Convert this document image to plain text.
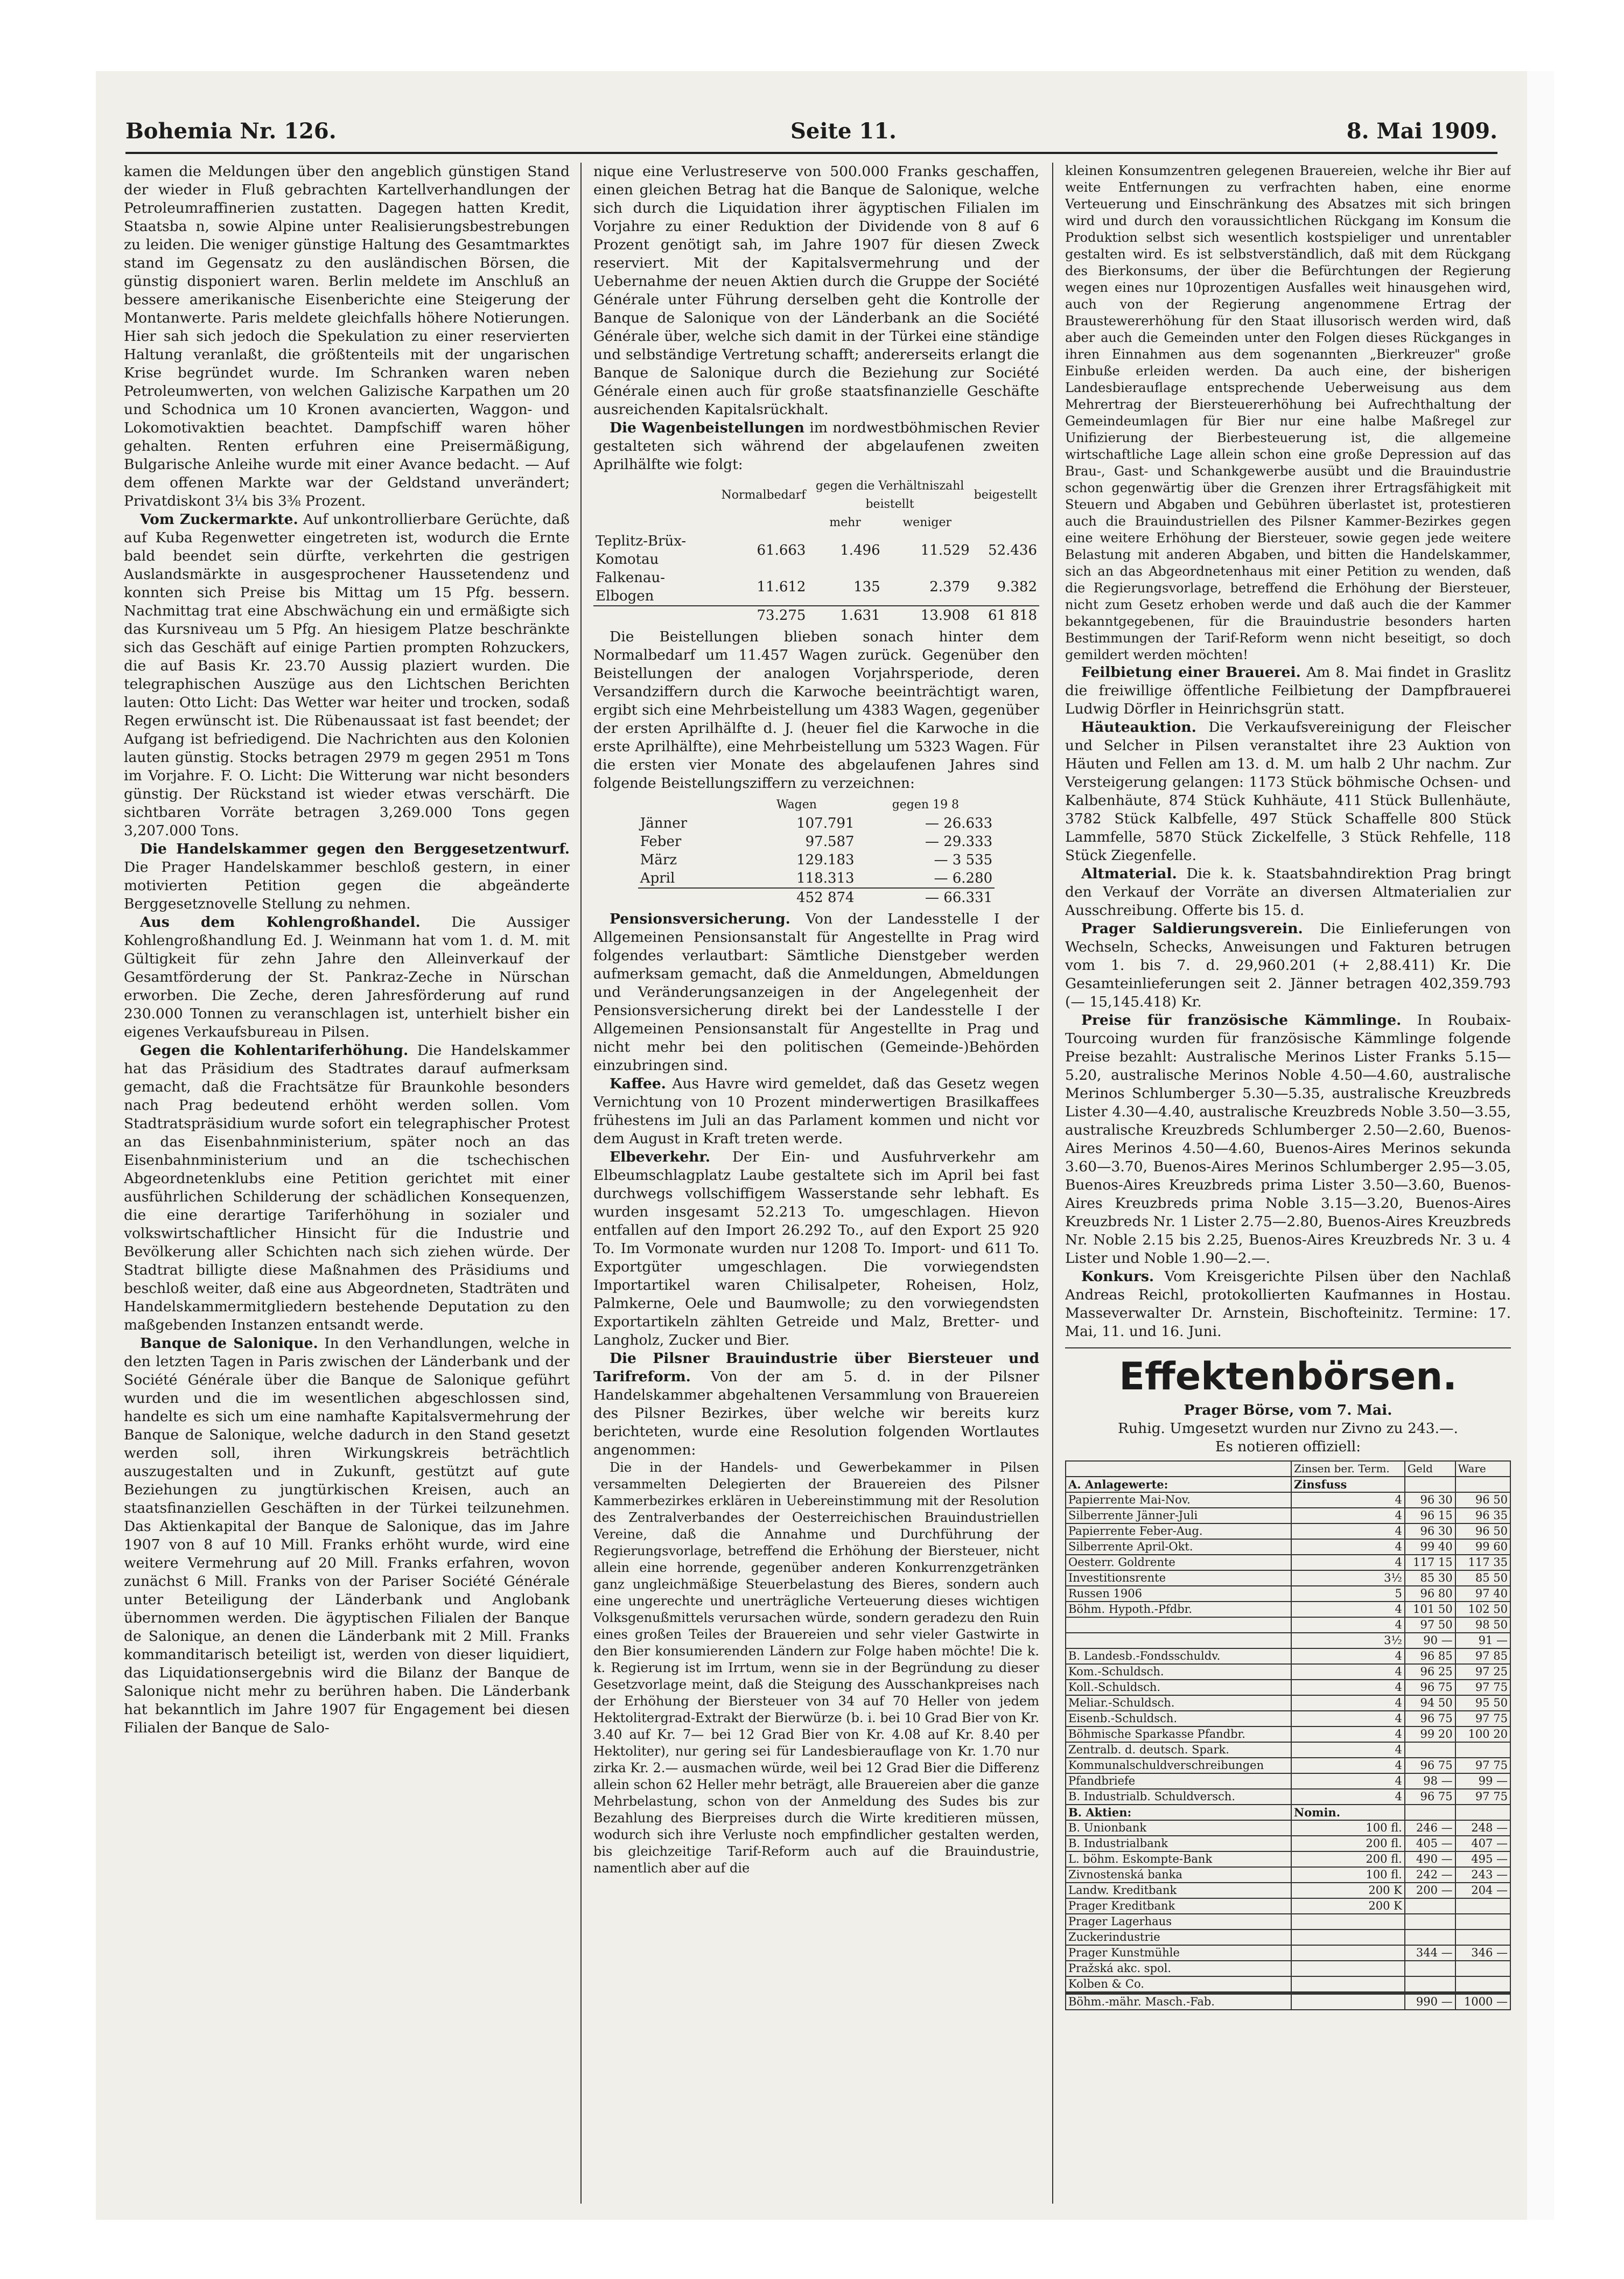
Bohemia Nr. 126.	Seite 11.	8. Mai 1909.

kamen die Meldungen über den angeblich günstigen Stand der wieder in Fluß gebrachten Kartellverhandlungen der Petroleumraffinerien zustatten. Dagegen hatten Kredit, Staatsba n, sowie Alpine unter Realisierungsbestrebungen zu leiden. Die weniger günstige Haltung des Gesamtmarktes stand im Gegensatz zu den ausländischen Börsen, die günstig disponiert waren. Berlin meldete im Anschluß an bessere amerikanische Eisenberichte eine Steigerung der Montanwerte. Paris meldete gleichfalls höhere Notierungen. Hier sah sich jedoch die Spekulation zu einer reservierten Haltung veranlaßt, die größtenteils mit der ungarischen Krise begründet wurde. Im Schranken waren neben Petroleumwerten, von welchen Galizische Karpathen um 20 und Schodnica um 10 Kronen avancierten, Waggon- und Lokomotivaktien beachtet. Dampfschiff waren höher gehalten. Renten erfuhren eine Preisermäßigung, Bulgarische Anleihe wurde mit einer Avance bedacht. — Auf dem offenen Markte war der Geldstand unverändert; Privatdiskont 3¼ bis 3⅜ Prozent.

Vom Zuckermarkte. Auf unkontrollierbare Gerüchte, daß auf Kuba Regenwetter eingetreten ist, wodurch die Ernte bald beendet sein dürfte, verkehrten die gestrigen Auslandsmärkte in ausgesprochener Haussetendenz und konnten sich Preise bis Mittag um 15 Pfg. bessern. Nachmittag trat eine Abschwächung ein und ermäßigte sich das Kursniveau um 5 Pfg. An hiesigem Platze beschränkte sich das Geschäft auf einige Partien prompten Rohzuckers, die auf Basis Kr. 23.70 Aussig plaziert wurden. Die telegraphischen Auszüge aus den Lichtschen Berichten lauten: Otto Licht: Das Wetter war heiter und trocken, sodaß Regen erwünscht ist. Die Rübenaussaat ist fast beendet; der Aufgang ist befriedigend. Die Nachrichten aus den Kolonien lauten günstig. Stocks betragen 2979 m gegen 2951 m Tons im Vorjahre. F. O. Licht: Die Witterung war nicht besonders günstig. Der Rückstand ist wieder etwas verschärft. Die sichtbaren Vorräte betragen 3,269.000 Tons gegen 3,207.000 Tons.

Die Handelskammer gegen den Berggesetzentwurf. Die Prager Handelskammer beschloß gestern, in einer motivierten Petition gegen die abgeänderte Berggesetznovelle Stellung zu nehmen.

Aus dem Kohlengroßhandel. Die Aussiger Kohlengroßhandlung Ed. J. Weinmann hat vom 1. d. M. mit Gültigkeit für zehn Jahre den Alleinverkauf der Gesamtförderung der St. Pankraz-Zeche in Nürschan erworben. Die Zeche, deren Jahresförderung auf rund 230.000 Tonnen zu veranschlagen ist, unterhielt bisher ein eigenes Verkaufsbureau in Pilsen.

Gegen die Kohlentariferhöhung. Die Handelskammer hat das Präsidium des Stadtrates darauf aufmerksam gemacht, daß die Frachtsätze für Braunkohle besonders nach Prag bedeutend erhöht werden sollen. Vom Stadtratspräsidium wurde sofort ein telegraphischer Protest an das Eisenbahnministerium, später noch an das Eisenbahnministerium und an die tschechischen Abgeordnetenklubs eine Petition gerichtet mit einer ausführlichen Schilderung der schädlichen Konsequenzen, die eine derartige Tariferhöhung in sozialer und volkswirtschaftlicher Hinsicht für die Industrie und Bevölkerung aller Schichten nach sich ziehen würde. Der Stadtrat billigte diese Maßnahmen des Präsidiums und beschloß weiter, daß eine aus Abgeordneten, Stadträten und Handelskammermitgliedern bestehende Deputation zu den maßgebenden Instanzen entsandt werde.

Banque de Salonique. In den Verhandlungen, welche in den letzten Tagen in Paris zwischen der Länderbank und der Société Générale über die Banque de Salonique geführt wurden und die im wesentlichen abgeschlossen sind, handelte es sich um eine namhafte Kapitalsvermehrung der Banque de Salonique, welche dadurch in den Stand gesetzt werden soll, ihren Wirkungskreis beträchtlich auszugestalten und in Zukunft, gestützt auf gute Beziehungen zu jungtürkischen Kreisen, auch an staatsfinanziellen Geschäften in der Türkei teilzunehmen. Das Aktienkapital der Banque de Salonique, das im Jahre 1907 von 8 auf 10 Mill. Franks erhöht wurde, wird eine weitere Vermehrung auf 20 Mill. Franks erfahren, wovon zunächst 6 Mill. Franks von der Pariser Société Générale unter Beteiligung der Länderbank und Anglobank übernommen werden. Die ägyptischen Filialen der Banque de Salonique, an denen die Länderbank mit 2 Mill. Franks kommanditarisch beteiligt ist, werden von dieser liquidiert, das Liquidationsergebnis wird die Bilanz der Banque de Salonique nicht mehr zu berühren haben. Die Länderbank hat bekanntlich im Jahre 1907 für Engagement bei diesen Filialen der Banque de Salo-

nique eine Verlustreserve von 500.000 Franks geschaffen, einen gleichen Betrag hat die Banque de Salonique, welche sich durch die Liquidation ihrer ägyptischen Filialen im Vorjahre zu einer Reduktion der Dividende von 8 auf 6 Prozent genötigt sah, im Jahre 1907 für diesen Zweck reserviert. Mit der Kapitalsvermehrung und der Uebernahme der neuen Aktien durch die Gruppe der Société Générale unter Führung derselben geht die Kontrolle der Banque de Salonique von der Länderbank an die Société Générale über, welche sich damit in der Türkei eine ständige und selbständige Vertretung schafft; andererseits erlangt die Banque de Salonique durch die Beziehung zur Société Générale einen auch für große staatsfinanzielle Geschäfte ausreichenden Kapitalsrückhalt.

Die Wagenbeistellungen im nordwestböhmischen Revier gestalteten sich während der abgelaufenen zweiten Aprilhälfte wie folgt:

	Normalbedarf	gegen die Verhältniszahl beistellt		beigestellt
		mehr	weniger	
Teplitz-Brüx-Komotau	61.663	1.496	11.529	52.436
Falkenau-Elbogen	11.612	135	2.379	9.382
	73.275	1.631	13.908	61 818

Die Beistellungen blieben sonach hinter dem Normalbedarf um 11.457 Wagen zurück. Gegenüber den Beistellungen der analogen Vorjahrsperiode, deren Versandziffern durch die Karwoche beeinträchtigt waren, ergibt sich eine Mehrbeistellung um 4383 Wagen, gegenüber der ersten Aprilhälfte d. J. (heuer fiel die Karwoche in die erste Aprilhälfte), eine Mehrbeistellung um 5323 Wagen. Für die ersten vier Monate des abgelaufenen Jahres sind folgende Beistellungsziffern zu verzeichnen:

	Wagen	gegen 19 8
Jänner	107.791	— 26.633
Feber	97.587	— 29.333
März	129.183	— 3 535
April	118.313	— 6.280
	452 874	— 66.331

Pensionsversicherung. Von der Landesstelle I der Allgemeinen Pensionsanstalt für Angestellte in Prag wird folgendes verlautbart: Sämtliche Dienstgeber werden aufmerksam gemacht, daß die Anmeldungen, Abmeldungen und Veränderungsanzeigen in der Angelegenheit der Pensionsversicherung direkt bei der Landesstelle I der Allgemeinen Pensionsanstalt für Angestellte in Prag und nicht mehr bei den politischen (Gemeinde-)Behörden einzubringen sind.

Kaffee. Aus Havre wird gemeldet, daß das Gesetz wegen Vernichtung von 10 Prozent minderwertigen Brasilkaffees frühestens im Juli an das Parlament kommen und nicht vor dem August in Kraft treten werde.

Elbeverkehr. Der Ein- und Ausfuhrverkehr am Elbeumschlagplatz Laube gestaltete sich im April bei fast durchwegs vollschiffigem Wasserstande sehr lebhaft. Es wurden insgesamt 52.213 To. umgeschlagen. Hievon entfallen auf den Import 26.292 To., auf den Export 25 920 To. Im Vormonate wurden nur 1208 To. Import- und 611 To. Exportgüter umgeschlagen. Die vorwiegendsten Importartikel waren Chilisalpeter, Roheisen, Holz, Palmkerne, Oele und Baumwolle; zu den vorwiegendsten Exportartikeln zählten Getreide und Malz, Bretter- und Langholz, Zucker und Bier.

Die Pilsner Brauindustrie über Biersteuer und Tarifreform. Von der am 5. d. in der Pilsner Handelskammer abgehaltenen Versammlung von Brauereien des Pilsner Bezirkes, über welche wir bereits kurz berichteten, wurde eine Resolution folgenden Wortlautes angenommen:

Die in der Handels- und Gewerbekammer in Pilsen versammelten Delegierten der Brauereien des Pilsner Kammerbezirkes erklären in Uebereinstimmung mit der Resolution des Zentralverbandes der Oesterreichischen Brauindustriellen Vereine, daß die Annahme und Durchführung der Regierungsvorlage, betreffend die Erhöhung der Biersteuer, nicht allein eine horrende, gegenüber anderen Konkurrenzgetränken ganz ungleichmäßige Steuerbelastung des Bieres, sondern auch eine ungerechte und unerträgliche Verteuerung dieses wichtigen Volksgenußmittels verursachen würde, sondern geradezu den Ruin eines großen Teiles der Brauereien und sehr vieler Gastwirte in den Bier konsumierenden Ländern zur Folge haben möchte! Die k. k. Regierung ist im Irrtum, wenn sie in der Begründung zu dieser Gesetzvorlage meint, daß die Steigung des Ausschankpreises nach der Erhöhung der Biersteuer von 34 auf 70 Heller von jedem Hektolitergrad-Extrakt der Bierwürze (b. i. bei 10 Grad Bier von Kr. 3.40 auf Kr. 7— bei 12 Grad Bier von Kr. 4.08 auf Kr. 8.40 per Hektoliter), nur gering sei für Landesbierauflage von Kr. 1.70 nur zirka Kr. 2.— ausmachen würde, weil bei 12 Grad Bier die Differenz allein schon 62 Heller mehr beträgt, alle Brauereien aber die ganze Mehrbelastung, schon von der Anmeldung des Sudes bis zur Bezahlung des Bierpreises durch die Wirte kreditieren müssen, wodurch sich ihre Verluste noch empfindlicher gestalten werden, bis gleichzeitige Tarif-Reform auch auf die Brauindustrie, namentlich aber auf die

kleinen Konsumzentren gelegenen Brauereien, welche ihr Bier auf weite Entfernungen zu verfrachten haben, eine enorme Verteuerung und Einschränkung des Absatzes mit sich bringen wird und durch den voraussichtlichen Rückgang im Konsum die Produktion selbst sich wesentlich kostspieliger und unrentabler gestalten wird. Es ist selbstverständlich, daß mit dem Rückgang des Bierkonsums, der über die Befürchtungen der Regierung wegen eines nur 10prozentigen Ausfalles weit hinausgehen wird, auch von der Regierung angenommene Ertrag der Braustewererhöhung für den Staat illusorisch werden wird, daß aber auch die Gemeinden unter den Folgen dieses Rückganges in ihren Einnahmen aus dem sogenannten „Bierkreuzer" große Einbuße erleiden werden. Da auch eine, der bisherigen Landesbierauflage entsprechende Ueberweisung aus dem Mehrertrag der Biersteuererhöhung bei Aufrechthaltung der Gemeindeumlagen für Bier nur eine halbe Maßregel zur Unifizierung der Bierbesteuerung ist, die allgemeine wirtschaftliche Lage allein schon eine große Depression auf das Brau-, Gast- und Schankgewerbe ausübt und die Brauindustrie schon gegenwärtig über die Grenzen ihrer Ertragsfähigkeit mit Steuern und Abgaben und Gebühren überlastet ist, protestieren auch die Brauindustriellen des Pilsner Kammer-Bezirkes gegen eine weitere Erhöhung der Biersteuer, sowie gegen jede weitere Belastung mit anderen Abgaben, und bitten die Handelskammer, sich an das Abgeordnetenhaus mit einer Petition zu wenden, daß die Regierungsvorlage, betreffend die Erhöhung der Biersteuer, nicht zum Gesetz erhoben werde und daß auch die der Kammer bekanntgegebenen, für die Brauindustrie besonders harten Bestimmungen der Tarif-Reform wenn nicht beseitigt, so doch gemildert werden möchten!

Feilbietung einer Brauerei. Am 8. Mai findet in Graslitz die freiwillige öffentliche Feilbietung der Dampfbrauerei Ludwig Dörfler in Heinrichsgrün statt.

Häuteauktion. Die Verkaufsvereinigung der Fleischer und Selcher in Pilsen veranstaltet ihre 23 Auktion von Häuten und Fellen am 13. d. M. um halb 2 Uhr nachm. Zur Versteigerung gelangen: 1173 Stück böhmische Ochsen- und Kalbenhäute, 874 Stück Kuhhäute, 411 Stück Bullenhäute, 3782 Stück Kalbfelle, 497 Stück Schaffelle 800 Stück Lammfelle, 5870 Stück Zickelfelle, 3 Stück Rehfelle, 118 Stück Ziegenfelle.

Altmaterial. Die k. k. Staatsbahndirektion Prag bringt den Verkauf der Vorräte an diversen Altmaterialien zur Ausschreibung. Offerte bis 15. d.

Prager Saldierungsverein. Die Einlieferungen von Wechseln, Schecks, Anweisungen und Fakturen betrugen vom 1. bis 7. d. 29,960.201 (+ 2,88.411) Kr. Die Gesamteinlieferungen seit 2. Jänner betragen 402,359.793 (— 15,145.418) Kr.

Preise für französische Kämmlinge. In Roubaix-Tourcoing wurden für französische Kämmlinge folgende Preise bezahlt: Australische Merinos Lister Franks 5.15—5.20, australische Merinos Noble 4.50—4.60, australische Merinos Schlumberger 5.30—5.35, australische Kreuzbreds Lister 4.30—4.40, australische Kreuzbreds Noble 3.50—3.55, australische Kreuzbreds Schlumberger 2.50—2.60, Buenos-Aires Merinos 4.50—4.60, Buenos-Aires Merinos sekunda 3.60—3.70, Buenos-Aires Merinos Schlumberger 2.95—3.05, Buenos-Aires Kreuzbreds prima Lister 3.50—3.60, Buenos-Aires Kreuzbreds prima Noble 3.15—3.20, Buenos-Aires Kreuzbreds Nr. 1 Lister 2.75—2.80, Buenos-Aires Kreuzbreds Nr. Noble 2.15 bis 2.25, Buenos-Aires Kreuzbreds Nr. 3 u. 4 Lister und Noble 1.90—2.—.

Konkurs. Vom Kreisgerichte Pilsen über den Nachlaß Andreas Reichl, protokollierten Kaufmannes in Hostau. Masseverwalter Dr. Arnstein, Bischofteinitz. Termine: 17. Mai, 11. und 16. Juni.

Effektenbörsen.

Prager Börse, vom 7. Mai.

Ruhig. Umgesetzt wurden nur Zivno zu 243.—.

Es notieren offiziell:

	Zinsen ber. Term.	Geld	Ware
A. Anlagewerte:	Zinsfuss		
Papierrente Mai-Nov.	4	96 30	96 50
Silberrente Jänner-Juli	4	96 15	96 35
Papierrente Feber-Aug.	4	96 30	96 50
Silberrente April-Okt.	4	99 40	99 60
Oesterr. Goldrente	4	117 15	117 35
Investitionsrente	3½	85 30	85 50
Russen 1906	5	96 80	97 40
Böhm. Hypoth.-Pfdbr.	4	101 50	102 50
	4	97 50	98 50
	3½	90 —	91 —
B. Landesb.-Fondsschuldv.	4	96 85	97 85
Kom.-Schuldsch.	4	96 25	97 25
Koll.-Schuldsch.	4	96 75	97 75
Meliar.-Schuldsch.	4	94 50	95 50
Eisenb.-Schuldsch.	4	96 75	97 75
Böhmische Sparkasse Pfandbr.	4	99 20	100 20
Zentralb. d. deutsch. Spark.	4		
Kommunalschuldverschreibungen	4	96 75	97 75
Pfandbriefe	4	98 —	99 —
B. Industrialb. Schuldversch.	4	96 75	97 75
B. Aktien:	Nomin.		
B. Unionbank	100 fl.	246 —	248 —
B. Industrialbank	200 fl.	405 —	407 —
L. böhm. Eskompte-Bank	200 fl.	490 —	495 —
Zivnostenská banka	100 fl.	242 —	243 —
Landw. Kreditbank	200 K	200 —	204 —
Prager Kreditbank	200 K		
Prager Lagerhaus			
Zuckerindustrie			
Prager Kunstmühle		344 —	346 —
Pražská akc. spol.			
Kolben & Co.			

Böhm.-mähr. Masch.-Fab.		990 —	1000 —
